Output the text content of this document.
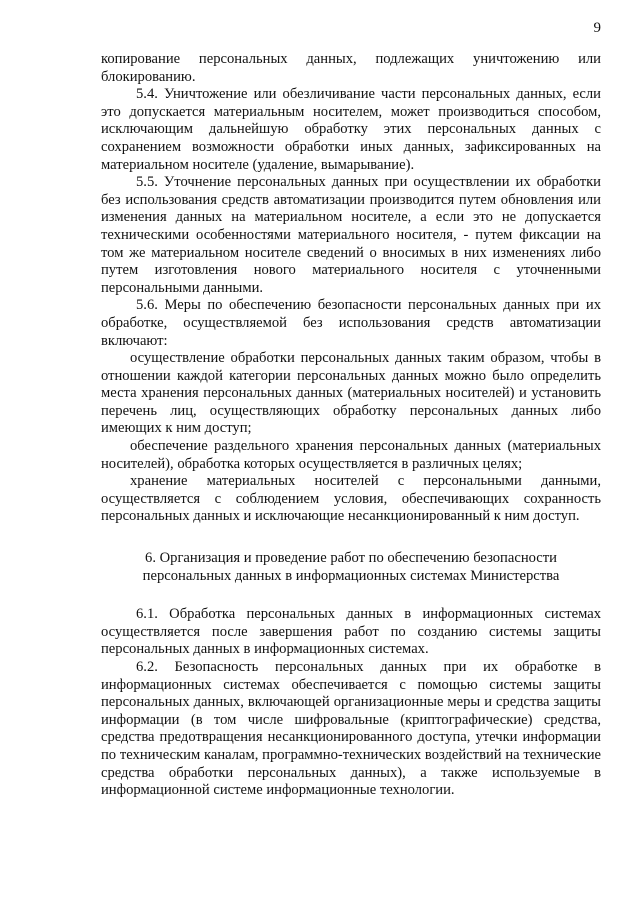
9

копирование персональных данных, подлежащих уничтожению или блокированию.

5.4. Уничтожение или обезличивание части персональных данных, если это допускается материальным носителем, может производиться способом, исключающим дальнейшую обработку этих персональных данных с сохранением возможности обработки иных данных, зафиксированных на материальном носителе (удаление, вымарывание).

5.5. Уточнение персональных данных при осуществлении их обработки без использования средств автоматизации производится путем обновления или изменения данных на материальном носителе, а если это не допускается техническими особенностями материального носителя, - путем фиксации на том же материальном носителе сведений о вносимых в них изменениях либо путем изготовления нового материального носителя с уточненными персональными данными.

5.6. Меры по обеспечению безопасности персональных данных при их обработке, осуществляемой без использования средств автоматизации включают:

осуществление обработки персональных данных таким образом, чтобы в отношении каждой категории персональных данных можно было определить места хранения персональных данных (материальных носителей) и установить перечень лиц, осуществляющих обработку персональных данных либо имеющих к ним доступ;

обеспечение раздельного хранения персональных данных (материальных носителей), обработка которых осуществляется в различных целях;

хранение материальных носителей с персональными данными, осуществляется с соблюдением условия, обеспечивающих сохранность персональных данных и исключающие несанкционированный к ним доступ.

6. Организация и проведение работ по обеспечению безопасности персональных данных в информационных системах Министерства

6.1. Обработка персональных данных в информационных системах осуществляется после завершения работ по созданию системы защиты персональных данных в информационных системах.

6.2. Безопасность персональных данных при их обработке в информационных системах обеспечивается с помощью системы защиты персональных данных, включающей организационные меры и средства защиты информации (в том числе шифровальные (криптографические) средства, средства предотвращения несанкционированного доступа, утечки информации по техническим каналам, программно-технических воздействий на технические средства обработки персональных данных), а также используемые в информационной системе информационные технологии.
